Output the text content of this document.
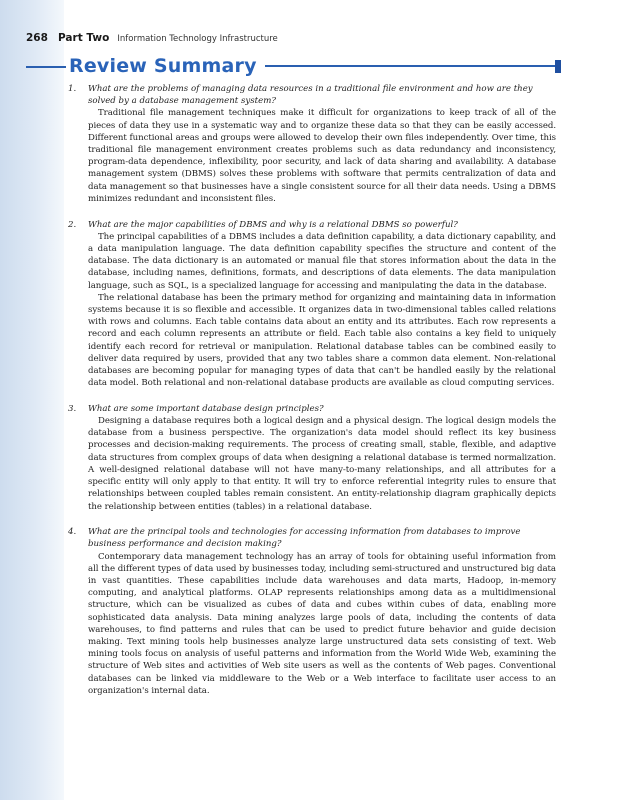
268 Part Two Information Technology Infrastructure
Review Summary
1. What are the problems of managing data resources in a traditional file environment and how are they solved by a database management system?

Traditional file management techniques make it difficult for organizations to keep track of all of the pieces of data they use in a systematic way and to organize these data so that they can be easily accessed. Different functional areas and groups were allowed to develop their own files independently. Over time, this traditional file management environment creates problems such as data redundancy and inconsistency, program-data dependence, inflexibility, poor security, and lack of data sharing and availability. A database management system (DBMS) solves these problems with software that permits centralization of data and data management so that businesses have a single consistent source for all their data needs. Using a DBMS minimizes redundant and inconsistent files.

2. What are the major capabilities of DBMS and why is a relational DBMS so powerful?

The principal capabilities of a DBMS includes a data definition capability, a data dictionary capability, and a data manipulation language. The data definition capability specifies the structure and content of the database. The data dictionary is an automated or manual file that stores information about the data in the database, including names, definitions, formats, and descriptions of data elements. The data manipulation language, such as SQL, is a specialized language for accessing and manipulating the data in the database.

The relational database has been the primary method for organizing and maintaining data in information systems because it is so flexible and accessible. It organizes data in two-dimensional tables called relations with rows and columns. Each table contains data about an entity and its attributes. Each row represents a record and each column represents an attribute or field. Each table also contains a key field to uniquely identify each record for retrieval or manipulation. Relational database tables can be combined easily to deliver data required by users, provided that any two tables share a common data element. Non-relational databases are becoming popular for managing types of data that can't be handled easily by the relational data model. Both relational and non-relational database products are available as cloud computing services.

3. What are some important database design principles?

Designing a database requires both a logical design and a physical design. The logical design models the database from a business perspective. The organization's data model should reflect its key business processes and decision-making requirements. The process of creating small, stable, flexible, and adaptive data structures from complex groups of data when designing a relational database is termed normalization. A well-designed relational database will not have many-to-many relationships, and all attributes for a specific entity will only apply to that entity. It will try to enforce referential integrity rules to ensure that relationships between coupled tables remain consistent. An entity-relationship diagram graphically depicts the relationship between entities (tables) in a relational database.

4. What are the principal tools and technologies for accessing information from databases to improve business performance and decision making?

Contemporary data management technology has an array of tools for obtaining useful information from all the different types of data used by businesses today, including semi-structured and unstructured big data in vast quantities. These capabilities include data warehouses and data marts, Hadoop, in-memory computing, and analytical platforms. OLAP represents relationships among data as a multidimensional structure, which can be visualized as cubes of data and cubes within cubes of data, enabling more sophisticated data analysis. Data mining analyzes large pools of data, including the contents of data warehouses, to find patterns and rules that can be used to predict future behavior and guide decision making. Text mining tools help businesses analyze large unstructured data sets consisting of text. Web mining tools focus on analysis of useful patterns and information from the World Wide Web, examining the structure of Web sites and activities of Web site users as well as the contents of Web pages. Conventional databases can be linked via middleware to the Web or a Web interface to facilitate user access to an organization's internal data.
